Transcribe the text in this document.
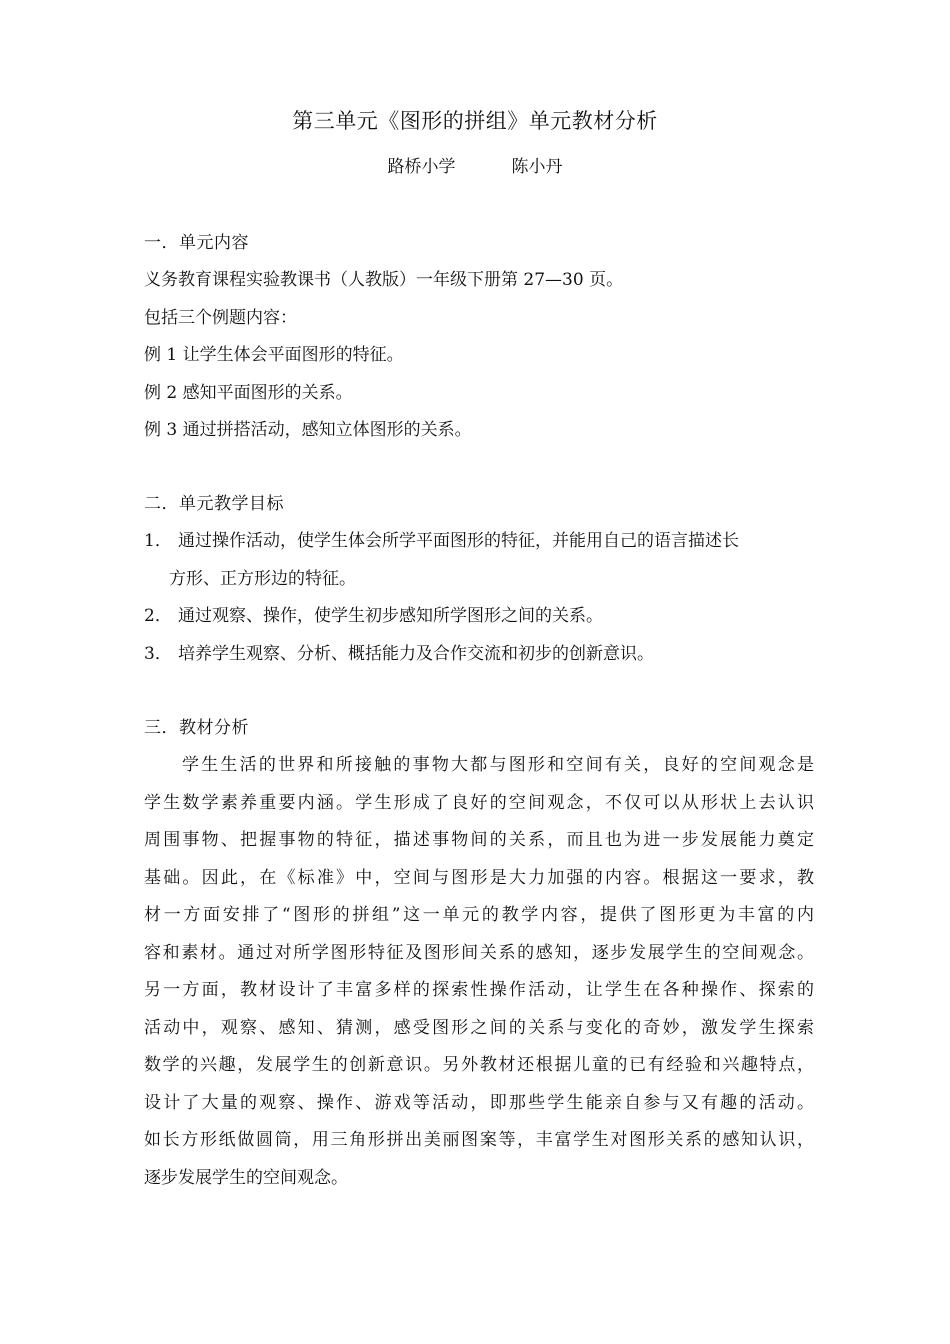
第三单元《图形的拼组》单元教材分析
路桥小学	陈小丹
一．单元内容
义务教育课程实验教课书（人教版）一年级下册第 27—30 页。
包括三个例题内容：
例 1 让学生体会平面图形的特征。
例 2 感知平面图形的关系。
例 3 通过拼搭活动，感知立体图形的关系。
二．单元教学目标
1． 通过操作活动，使学生体会所学平面图形的特征，并能用自己的语言描述长
方形、正方形边的特征。
2． 通过观察、操作，使学生初步感知所学图形之间的关系。
3． 培养学生观察、分析、概括能力及合作交流和初步的创新意识。
三．教材分析
学生生活的世界和所接触的事物大都与图形和空间有关，良好的空间观念是
学生数学素养重要内涵。学生形成了良好的空间观念，不仅可以从形状上去认识
周围事物、把握事物的特征，描述事物间的关系，而且也为进一步发展能力奠定
基础。因此，在《标准》中，空间与图形是大力加强的内容。根据这一要求，教
材一方面安排了“图形的拼组”这一单元的教学内容，提供了图形更为丰富的内
容和素材。通过对所学图形特征及图形间关系的感知，逐步发展学生的空间观念。
另一方面，教材设计了丰富多样的探索性操作活动，让学生在各种操作、探索的
活动中，观察、感知、猜测，感受图形之间的关系与变化的奇妙，激发学生探索
数学的兴趣，发展学生的创新意识。另外教材还根据儿童的已有经验和兴趣特点，
设计了大量的观察、操作、游戏等活动，即那些学生能亲自参与又有趣的活动。
如长方形纸做圆筒，用三角形拼出美丽图案等，丰富学生对图形关系的感知认识，
逐步发展学生的空间观念。
